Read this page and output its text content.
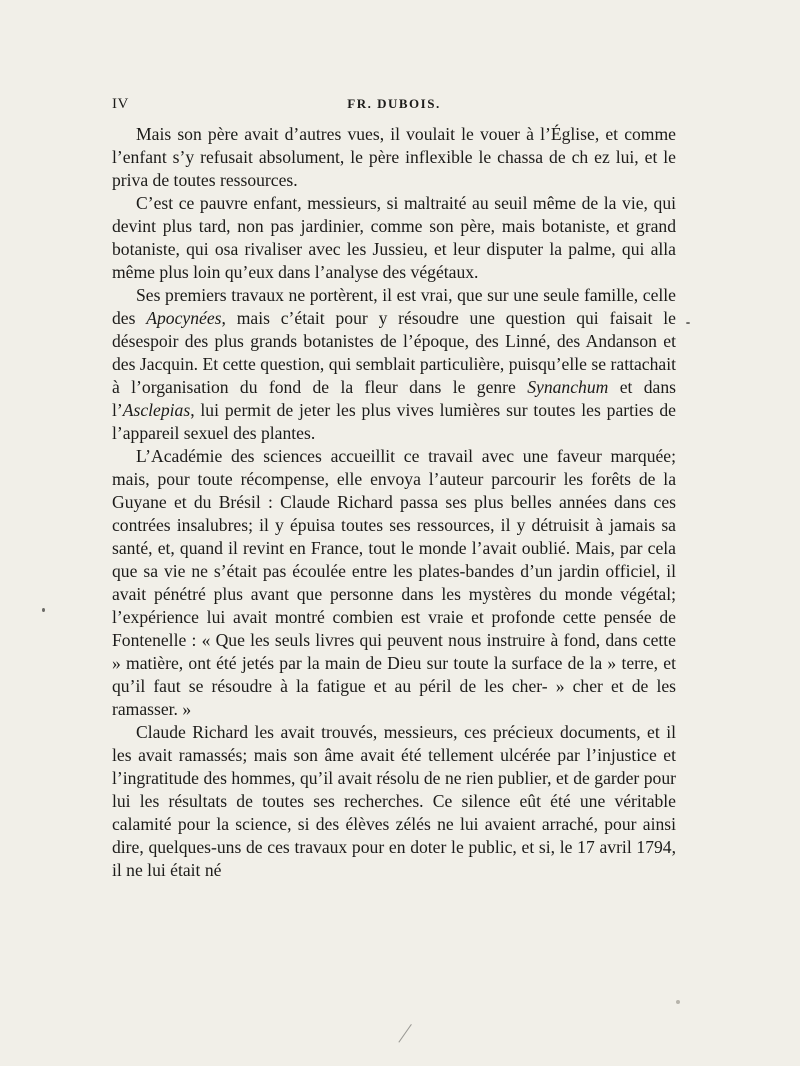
IV	FR. DUBOIS.

Mais son père avait d’autres vues, il voulait le vouer à l’Église, et comme l’enfant s’y refusait absolument, le père inflexible le chassa de ch ez lui, et le priva de toutes ressources.

C’est ce pauvre enfant, messieurs, si maltraité au seuil même de la vie, qui devint plus tard, non pas jardinier, comme son père, mais botaniste, et grand botaniste, qui osa rivaliser avec les Jussieu, et leur disputer la palme, qui alla même plus loin qu’eux dans l’analyse des végétaux.

Ses premiers travaux ne portèrent, il est vrai, que sur une seule famille, celle des Apocynées, mais c’était pour y résoudre une question qui faisait le désespoir des plus grands botanistes de l’époque, des Linné, des Andanson et des Jacquin. Et cette question, qui semblait particulière, puisqu’elle se rattachait à l’organisation du fond de la fleur dans le genre Synanchum et dans l’Asclepias, lui permit de jeter les plus vives lumières sur toutes les parties de l’appareil sexuel des plantes.

L’Académie des sciences accueillit ce travail avec une faveur marquée; mais, pour toute récompense, elle envoya l’auteur parcourir les forêts de la Guyane et du Brésil : Claude Richard passa ses plus belles années dans ces contrées insalubres; il y épuisa toutes ses ressources, il y détruisit à jamais sa santé, et, quand il revint en France, tout le monde l’avait oublié. Mais, par cela que sa vie ne s’était pas écoulée entre les plates-bandes d’un jardin officiel, il avait pénétré plus avant que personne dans les mystères du monde végétal; l’expérience lui avait montré combien est vraie et profonde cette pensée de Fontenelle : « Que les seuls livres qui peuvent nous instruire à fond, dans cette » matière, ont été jetés par la main de Dieu sur toute la surface de la » terre, et qu’il faut se résoudre à la fatigue et au péril de les cher- » cher et de les ramasser. »

Claude Richard les avait trouvés, messieurs, ces précieux documents, et il les avait ramassés; mais son âme avait été tellement ulcérée par l’injustice et l’ingratitude des hommes, qu’il avait résolu de ne rien publier, et de garder pour lui les résultats de toutes ses recherches. Ce silence eût été une véritable calamité pour la science, si des élèves zélés ne lui avaient arraché, pour ainsi dire, quelques-uns de ces travaux pour en doter le public, et si, le 17 avril 1794, il ne lui était né
